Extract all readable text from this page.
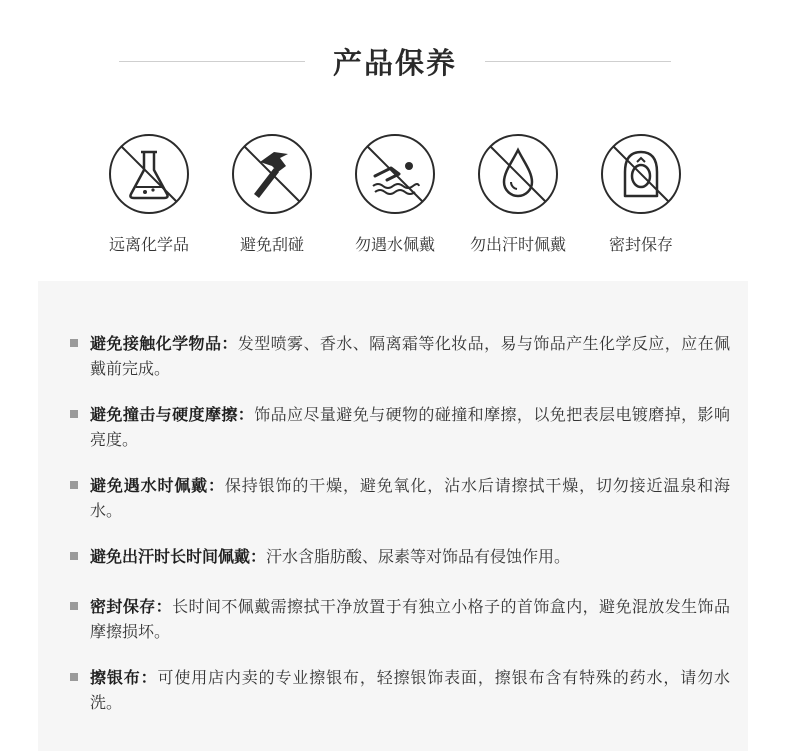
产品保养
远离化学品	避免刮碰	勿遇水佩戴 勿出汗时佩戴	密封保存
避免接触化学物品：发型喷雾、香水、隔离霜等化妆品，易与饰品产生化学反应，应在佩戴前完成。
避免撞击与硬度摩擦：饰品应尽量避免与硬物的碰撞和摩擦，以免把表层电镀磨掉，影响亮度。
避免遇水时佩戴：保持银饰的干燥，避免氧化，沾水后请擦拭干燥，切勿接近温泉和海水。
避免出汗时长时间佩戴：汗水含脂肪酸、尿素等对饰品有侵蚀作用。
密封保存：长时间不佩戴需擦拭干净放置于有独立小格子的首饰盒内，避免混放发生饰品摩擦损坏。
擦银布：可使用店内卖的专业擦银布，轻擦银饰表面，擦银布含有特殊的药水，请勿水洗。
